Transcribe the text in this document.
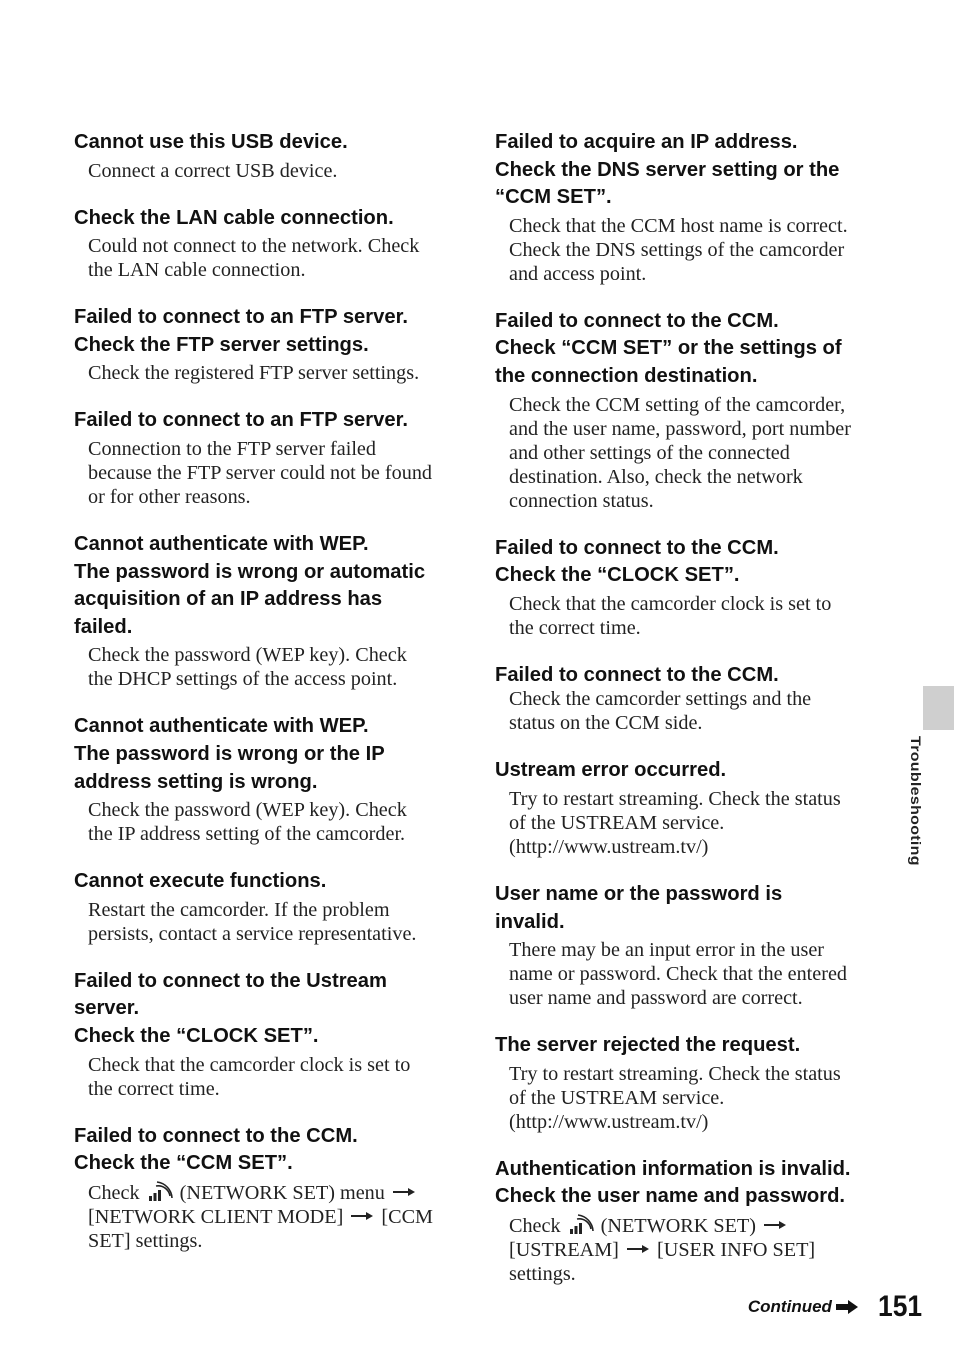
Cannot use this USB device.
Connect a correct USB device.
Check the LAN cable connection.
Could not connect to the network. Check
the LAN cable connection.
Failed to connect to an FTP server.
Check the FTP server settings.
Check the registered FTP server settings.
Failed to connect to an FTP server.
Connection to the FTP server failed
because the FTP server could not be found
or for other reasons.
Cannot authenticate with WEP.
The password is wrong or automatic
acquisition of an IP address has
failed.
Check the password (WEP key). Check
the DHCP settings of the access point.
Cannot authenticate with WEP.
The password is wrong or the IP
address setting is wrong.
Check the password (WEP key). Check
the IP address setting of the camcorder.
Cannot execute functions.
Restart the camcorder. If the problem
persists, contact a service representative.
Failed to connect to the Ustream
server.
Check the “CLOCK SET”.
Check that the camcorder clock is set to
the correct time.
Failed to connect to the CCM.
Check the “CCM SET”.
Check (NETWORK SET) menu
[NETWORK CLIENT MODE] [CCM
SET] settings.
Failed to acquire an IP address.
Check the DNS server setting or the
“CCM SET”.
Check that the CCM host name is correct.
Check the DNS settings of the camcorder
and access point.
Failed to connect to the CCM.
Check “CCM SET” or the settings of
the connection destination.
Check the CCM setting of the camcorder,
and the user name, password, port number
and other settings of the connected
destination. Also, check the network
connection status.
Failed to connect to the CCM.
Check the “CLOCK SET”.
Check that the camcorder clock is set to
the correct time.
Failed to connect to the CCM.
Check the camcorder settings and the
status on the CCM side.
Ustream error occurred.
Try to restart streaming. Check the status
of the USTREAM service.
(http://www.ustream.tv/)
User name or the password is
invalid.
There may be an input error in the user
name or password. Check that the entered
user name and password are correct.
The server rejected the request.
Try to restart streaming. Check the status
of the USTREAM service.
(http://www.ustream.tv/)
Authentication information is invalid.
Check the user name and password.
Check (NETWORK SET)
[USTREAM] [USER INFO SET]
settings.
Troubleshooting
Continued 151
